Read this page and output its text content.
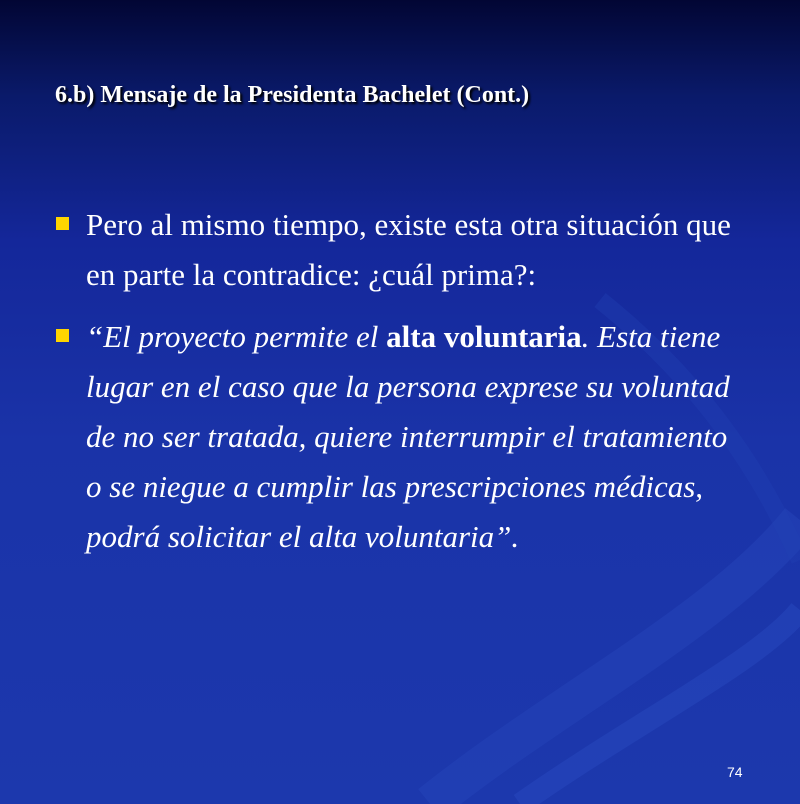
6.b) Mensaje de la Presidenta Bachelet (Cont.)
Pero al mismo tiempo, existe esta otra situación que en parte la contradice: ¿cuál prima?:
“El proyecto permite el alta voluntaria. Esta tiene lugar en el caso que la persona exprese su voluntad de no ser tratada, quiere interrumpir el tratamiento o se niegue a cumplir las prescripciones médicas, podrá solicitar el alta voluntaria”.
74
